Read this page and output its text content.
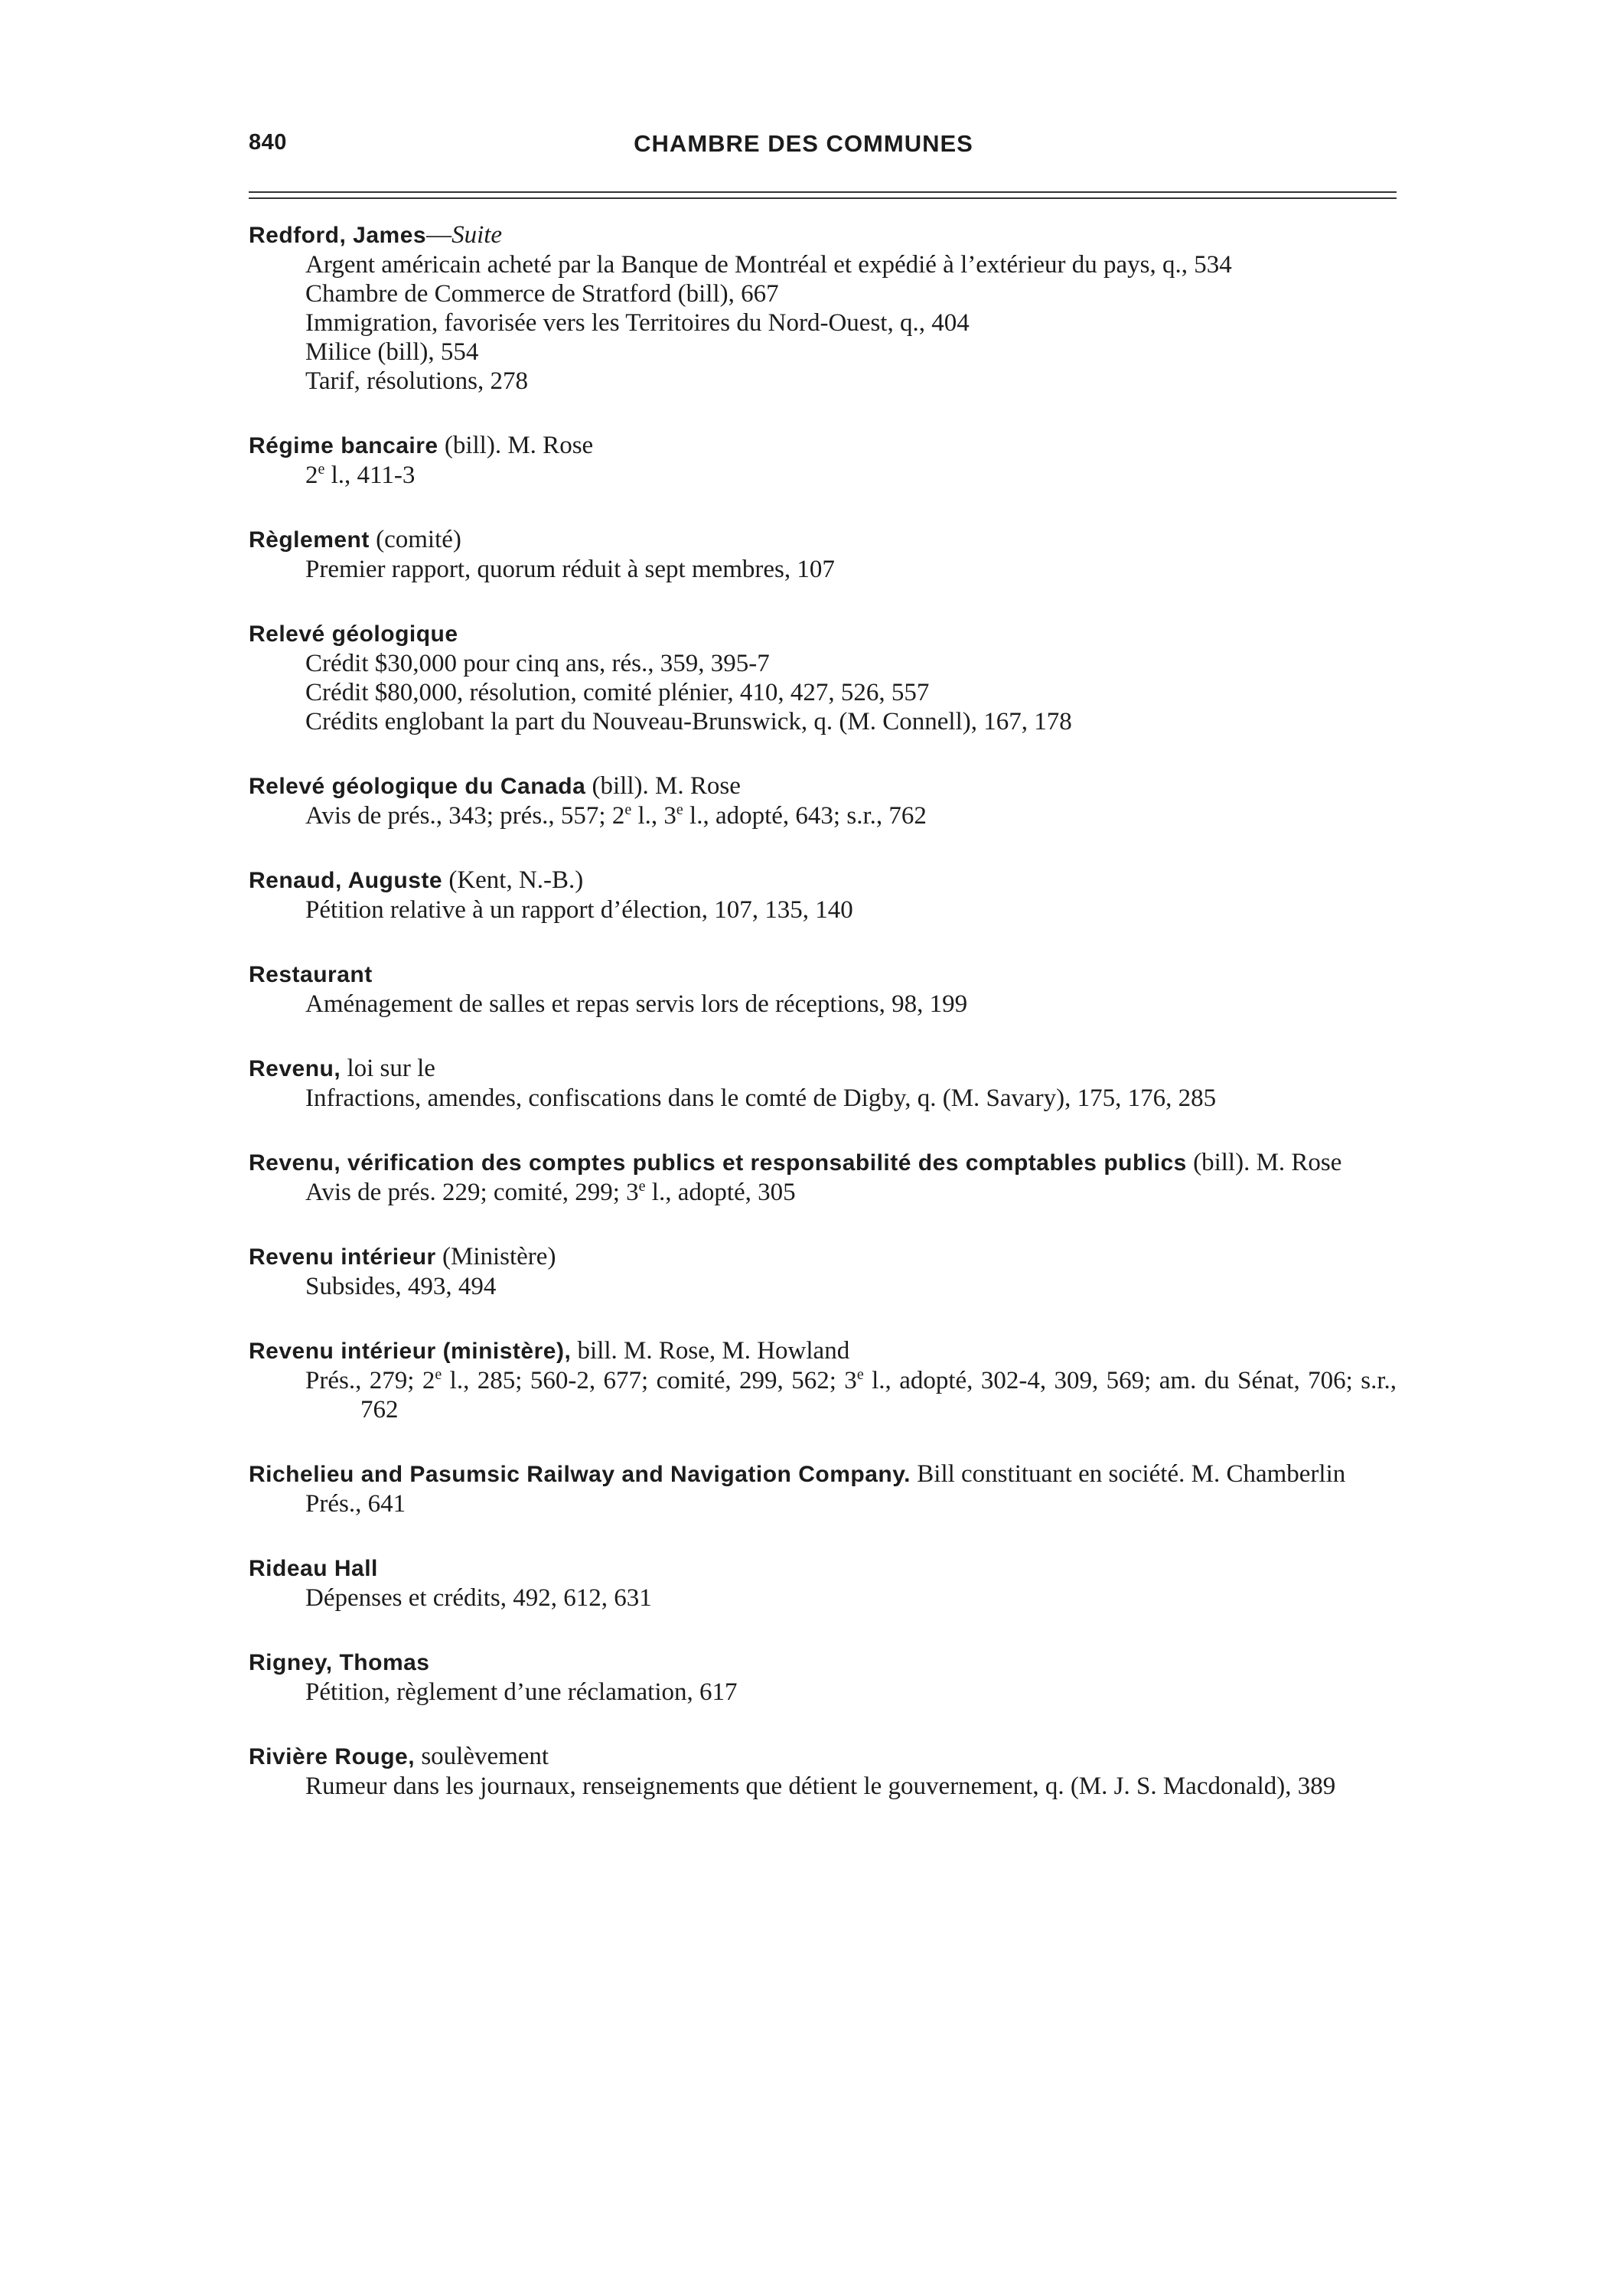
840	CHAMBRE DES COMMUNES
Redford, James—Suite
Argent américain acheté par la Banque de Montréal et expédié à l’extérieur du pays, q., 534
Chambre de Commerce de Stratford (bill), 667
Immigration, favorisée vers les Territoires du Nord-Ouest, q., 404
Milice (bill), 554
Tarif, résolutions, 278
Régime bancaire (bill). M. Rose
2e l., 411-3
Règlement (comité)
Premier rapport, quorum réduit à sept membres, 107
Relevé géologique
Crédit $30,000 pour cinq ans, rés., 359, 395-7
Crédit $80,000, résolution, comité plénier, 410, 427, 526, 557
Crédits englobant la part du Nouveau-Brunswick, q. (M. Connell), 167, 178
Relevé géologique du Canada (bill). M. Rose
Avis de prés., 343; prés., 557; 2e l., 3e l., adopté, 643; s.r., 762
Renaud, Auguste (Kent, N.-B.)
Pétition relative à un rapport d’élection, 107, 135, 140
Restaurant
Aménagement de salles et repas servis lors de réceptions, 98, 199
Revenu, loi sur le
Infractions, amendes, confiscations dans le comté de Digby, q. (M. Savary), 175, 176, 285
Revenu, vérification des comptes publics et responsabilité des comptables publics (bill). M. Rose
Avis de prés. 229; comité, 299; 3e l., adopté, 305
Revenu intérieur (Ministère)
Subsides, 493, 494
Revenu intérieur (ministère), bill. M. Rose, M. Howland
Prés., 279; 2e l., 285; 560-2, 677; comité, 299, 562; 3e l., adopté, 302-4, 309, 569; am. du Sénat, 706; s.r., 762
Richelieu and Pasumsic Railway and Navigation Company. Bill constituant en société. M. Chamberlin
Prés., 641
Rideau Hall
Dépenses et crédits, 492, 612, 631
Rigney, Thomas
Pétition, règlement d’une réclamation, 617
Rivière Rouge, soulèvement
Rumeur dans les journaux, renseignements que détient le gouvernement, q. (M. J. S. Macdonald), 389
